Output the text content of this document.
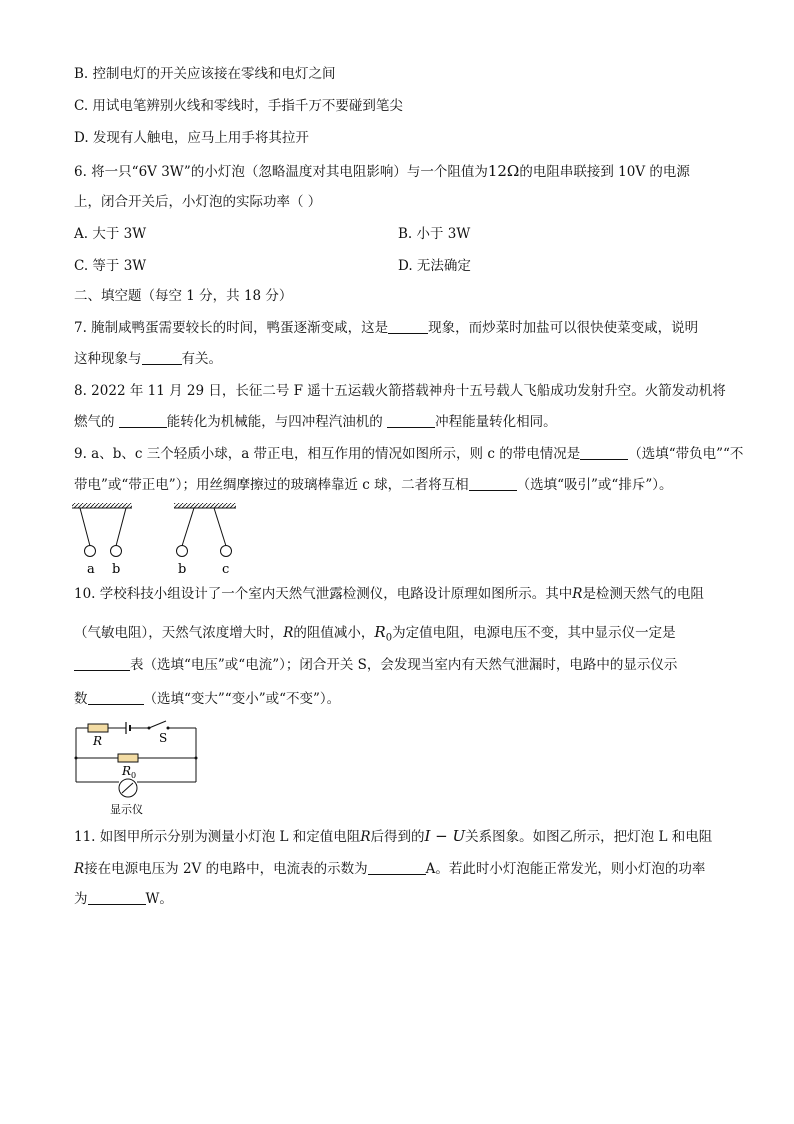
B. 控制电灯的开关应该接在零线和电灯之间
C. 用试电笔辨别火线和零线时，手指千万不要碰到笔尖
D. 发现有人触电，应马上用手将其拉开
6. 将一只“6V 3W”的小灯泡（忽略温度对其电阻影响）与一个阻值为12Ω的电阻串联接到 10V 的电源
上，闭合开关后，小灯泡的实际功率（ ）
A. 大于 3W	B. 小于 3W
C. 等于 3W	D. 无法确定
二、填空题（每空 1 分，共 18 分）
7. 腌制咸鸭蛋需要较长的时间，鸭蛋逐渐变咸，这是	现象，而炒菜时加盐可以很快使菜变咸，说明
这种现象与	有关。
8. 2022 年 11 月 29 日，长征二号 F 遥十五运载火箭搭载神舟十五号载人飞船成功发射升空。火箭发动机将
燃气的	能转化为机械能，与四冲程汽油机的	冲程能量转化相同。
9. a、b、c 三个轻质小球，a 带正电，相互作用的情况如图所示，则 c 的带电情况是	（选填“带负电”“不
带电”或“带正电”）；用丝绸摩擦过的玻璃棒靠近 c 球，二者将互相	（选填“吸引”或“排斥”）。
a b	b	c
10. 学校科技小组设计了一个室内天然气泄露检测仪，电路设计原理如图所示。其中R是检测天然气的电阻
（气敏电阻），天然气浓度增大时，R的阻值减小，$R_0$为定值电阻，电源电压不变，其中显示仪一定是
表（选填“电压”或“电流”）；闭合开关 S，会发现当室内有天然气泄漏时，电路中的显示仪示
数	（选填“变大”“变小”或“不变”）。
R	S
$R_0$
显示仪
11. 如图甲所示分别为测量小灯泡 L 和定值电阻R后得到的I − U关系图象。如图乙所示，把灯泡 L 和电阻
R接在电源电压为 2V 的电路中，电流表的示数为	A。若此时小灯泡能正常发光，则小灯泡的功率
为	W。
